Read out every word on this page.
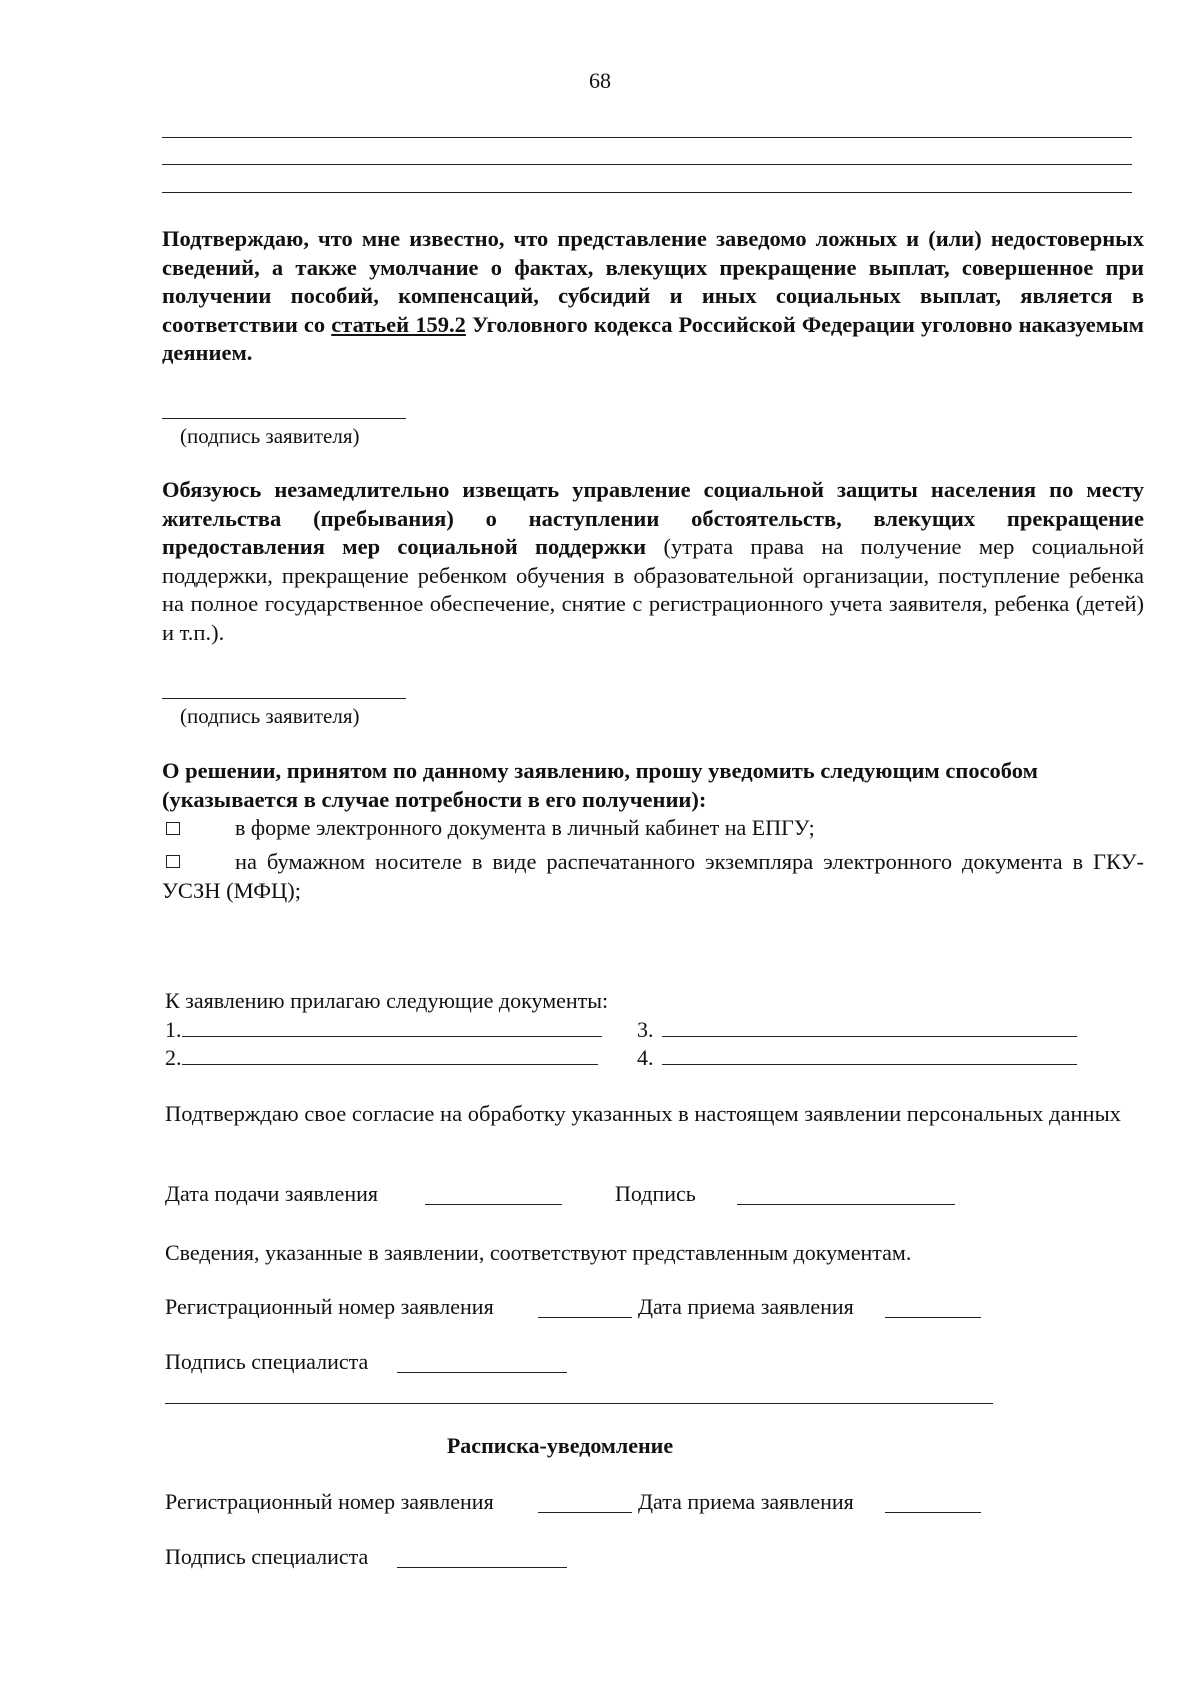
68
Подтверждаю, что мне известно, что представление заведомо ложных и (или) недостоверных сведений, а также умолчание о фактах, влекущих прекращение выплат, совершенное при получении пособий, компенсаций, субсидий и иных социальных выплат, является в соответствии со статьей 159.2 Уголовного кодекса Российской Федерации уголовно наказуемым деянием.
(подпись заявителя)
Обязуюсь незамедлительно извещать управление социальной защиты населения по месту жительства (пребывания) о наступлении обстоятельств, влекущих прекращение предоставления мер социальной поддержки (утрата права на получение мер социальной поддержки, прекращение ребенком обучения в образовательной организации, поступление ребенка на полное государственное обеспечение, снятие с регистрационного учета заявителя, ребенка (детей) и т.п.).
(подпись заявителя)
О решении, принятом по данному заявлению, прошу уведомить следующим способом (указывается в случае потребности в его получении):
в форме электронного документа в личный кабинет на ЕПГУ;
на бумажном носителе в виде распечатанного экземпляра электронного документа в ГКУ-УСЗН (МФЦ);
К заявлению прилагаю следующие документы:
1.	3.
2.	4.
Подтверждаю свое согласие на обработку указанных в настоящем заявлении персональных данных
Дата подачи заявления	Подпись
Сведения, указанные в заявлении, соответствуют представленным документам.
Регистрационный номер заявления	Дата приема заявления
Подпись специалиста
Расписка-уведомление
Регистрационный номер заявления	Дата приема заявления
Подпись специалиста
